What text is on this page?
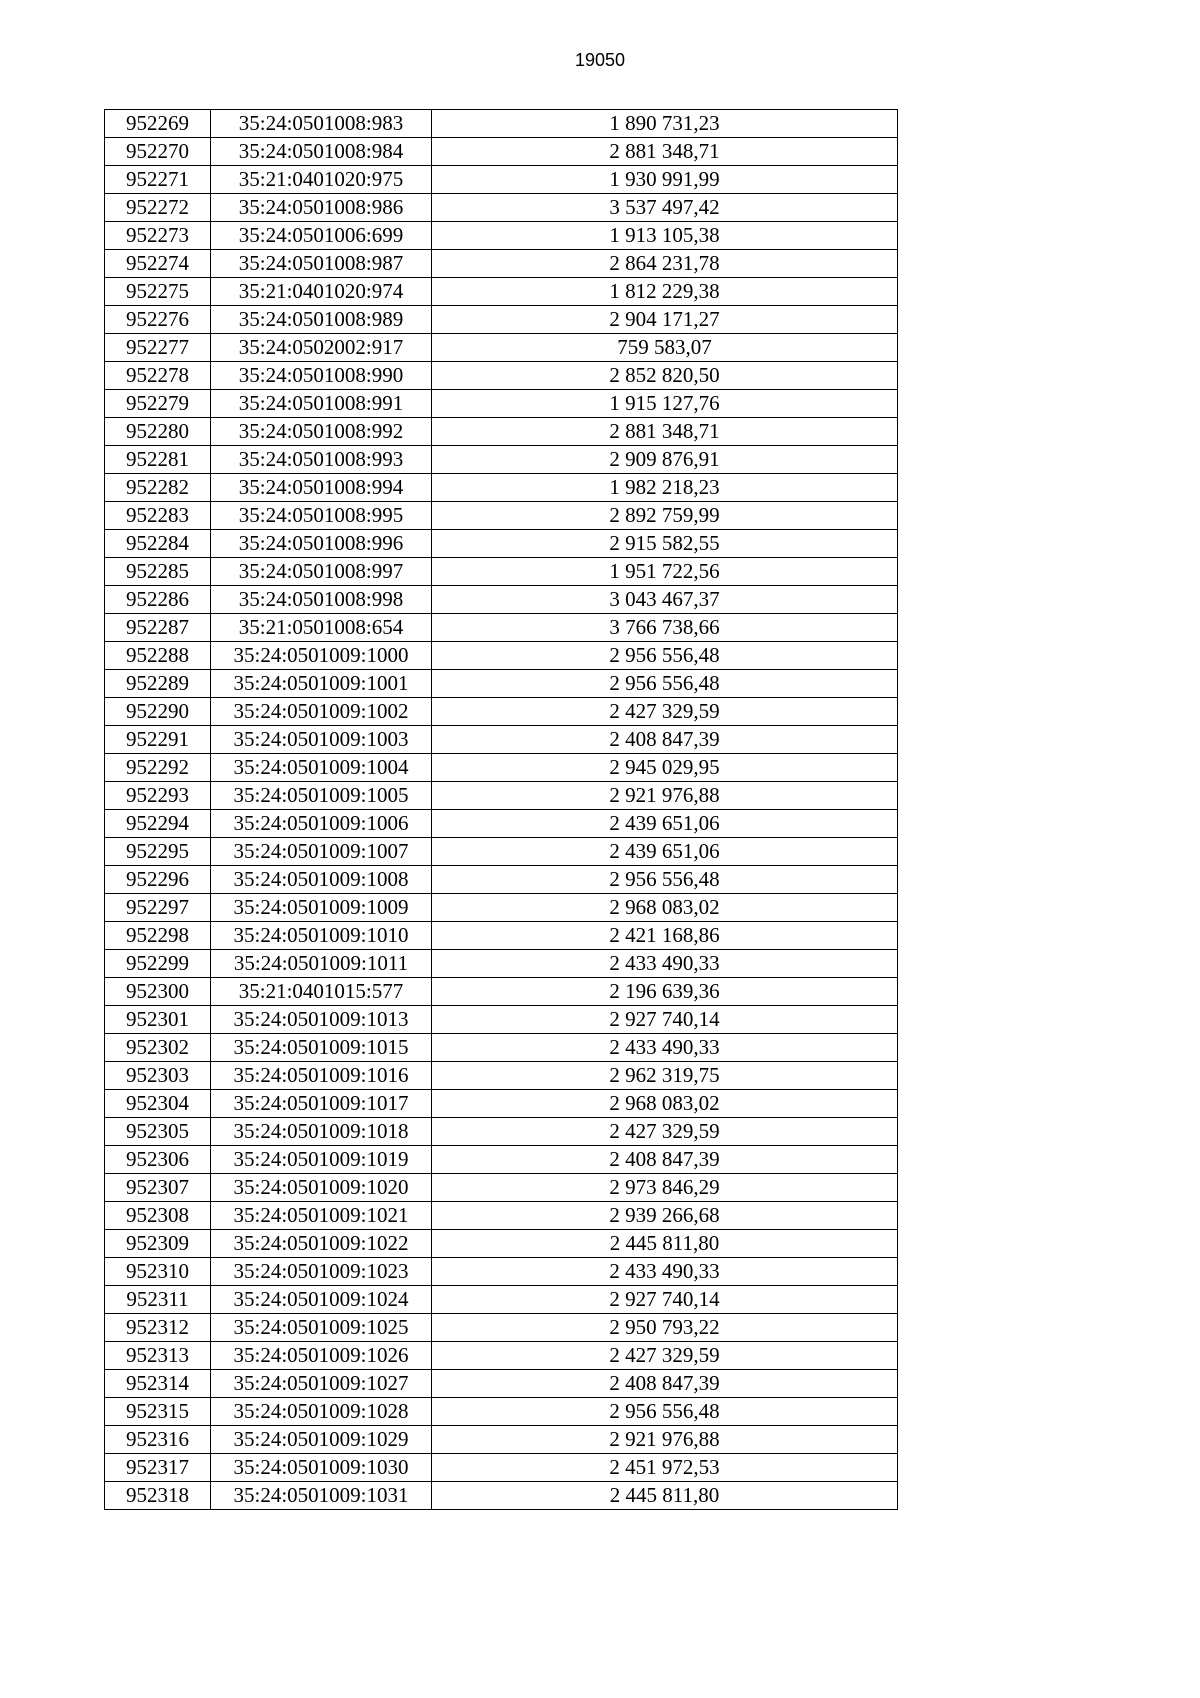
19050
952269	35:24:0501008:983	1 890 731,23
952270	35:24:0501008:984	2 881 348,71
952271	35:21:0401020:975	1 930 991,99
952272	35:24:0501008:986	3 537 497,42
952273	35:24:0501006:699	1 913 105,38
952274	35:24:0501008:987	2 864 231,78
952275	35:21:0401020:974	1 812 229,38
952276	35:24:0501008:989	2 904 171,27
952277	35:24:0502002:917	759 583,07
952278	35:24:0501008:990	2 852 820,50
952279	35:24:0501008:991	1 915 127,76
952280	35:24:0501008:992	2 881 348,71
952281	35:24:0501008:993	2 909 876,91
952282	35:24:0501008:994	1 982 218,23
952283	35:24:0501008:995	2 892 759,99
952284	35:24:0501008:996	2 915 582,55
952285	35:24:0501008:997	1 951 722,56
952286	35:24:0501008:998	3 043 467,37
952287	35:21:0501008:654	3 766 738,66
952288	35:24:0501009:1000	2 956 556,48
952289	35:24:0501009:1001	2 956 556,48
952290	35:24:0501009:1002	2 427 329,59
952291	35:24:0501009:1003	2 408 847,39
952292	35:24:0501009:1004	2 945 029,95
952293	35:24:0501009:1005	2 921 976,88
952294	35:24:0501009:1006	2 439 651,06
952295	35:24:0501009:1007	2 439 651,06
952296	35:24:0501009:1008	2 956 556,48
952297	35:24:0501009:1009	2 968 083,02
952298	35:24:0501009:1010	2 421 168,86
952299	35:24:0501009:1011	2 433 490,33
952300	35:21:0401015:577	2 196 639,36
952301	35:24:0501009:1013	2 927 740,14
952302	35:24:0501009:1015	2 433 490,33
952303	35:24:0501009:1016	2 962 319,75
952304	35:24:0501009:1017	2 968 083,02
952305	35:24:0501009:1018	2 427 329,59
952306	35:24:0501009:1019	2 408 847,39
952307	35:24:0501009:1020	2 973 846,29
952308	35:24:0501009:1021	2 939 266,68
952309	35:24:0501009:1022	2 445 811,80
952310	35:24:0501009:1023	2 433 490,33
952311	35:24:0501009:1024	2 927 740,14
952312	35:24:0501009:1025	2 950 793,22
952313	35:24:0501009:1026	2 427 329,59
952314	35:24:0501009:1027	2 408 847,39
952315	35:24:0501009:1028	2 956 556,48
952316	35:24:0501009:1029	2 921 976,88
952317	35:24:0501009:1030	2 451 972,53
952318	35:24:0501009:1031	2 445 811,80
